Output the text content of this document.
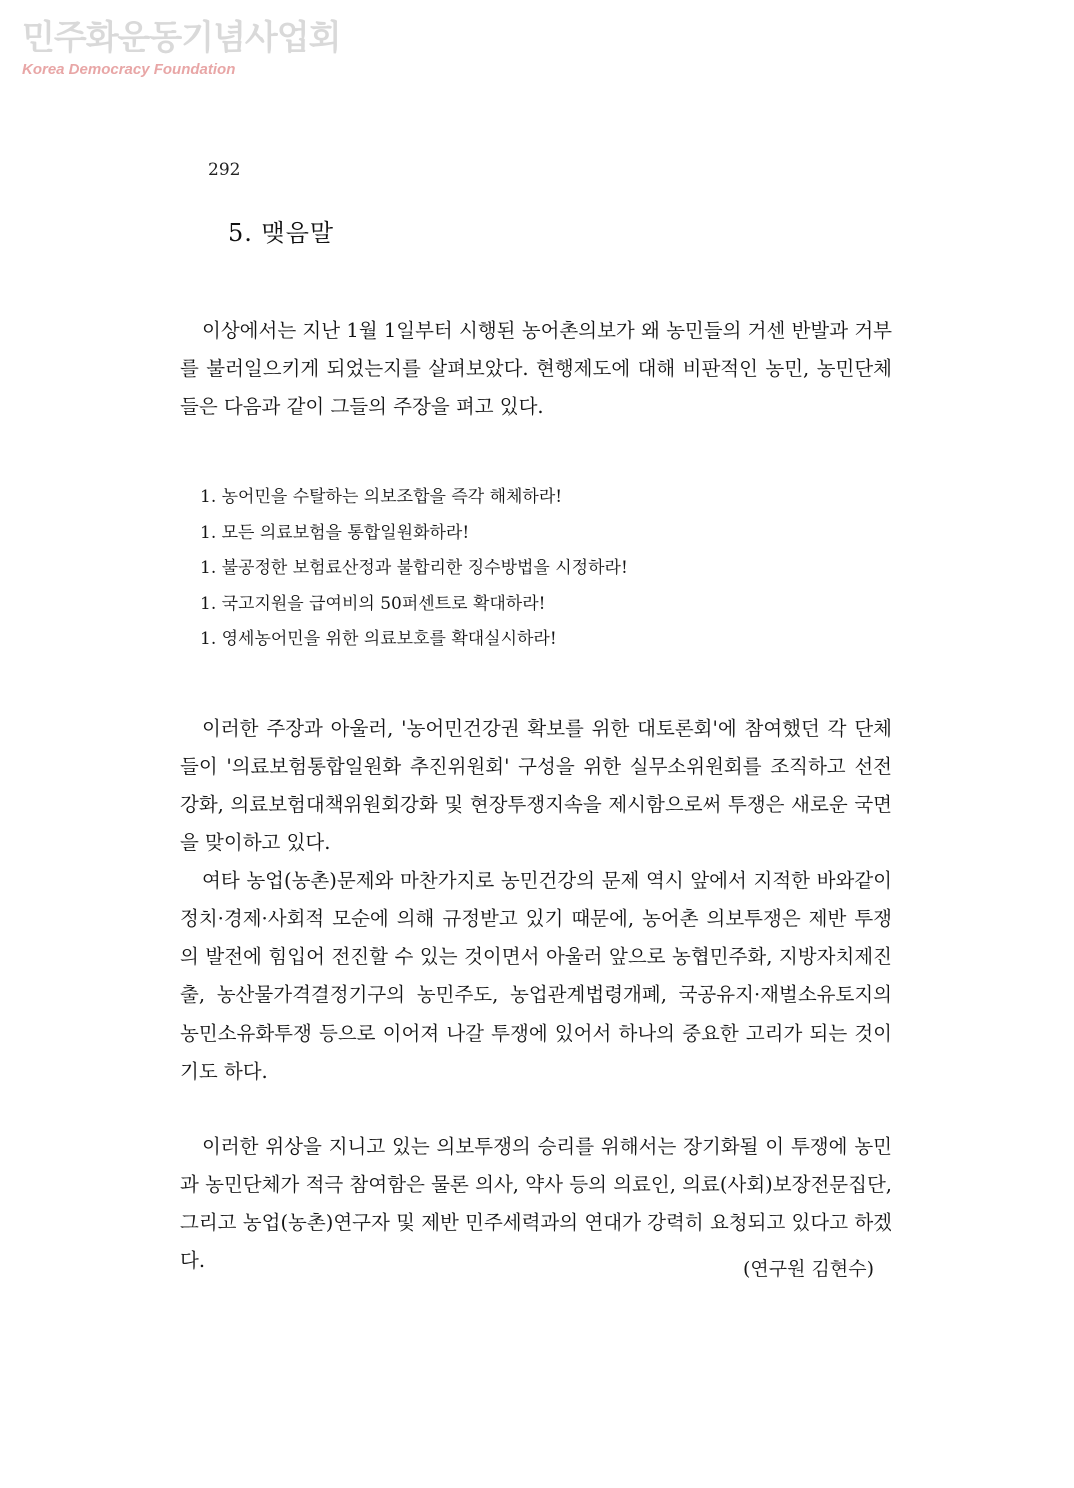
민주화운동기념사업회
Korea Democracy Foundation
292
5. 맺음말

이상에서는 지난 1월 1일부터 시행된 농어촌의보가 왜 농민들의 거센 반발과 거부를 불러일으키게 되었는지를 살펴보았다. 현행제도에 대해 비판적인 농민, 농민단체들은 다음과 같이 그들의 주장을 펴고 있다.

1. 농어민을 수탈하는 의보조합을 즉각 해체하라!
1. 모든 의료보험을 통합일원화하라!
1. 불공정한 보험료산정과 불합리한 징수방법을 시정하라!
1. 국고지원을 급여비의 50퍼센트로 확대하라!
1. 영세농어민을 위한 의료보호를 확대실시하라!

이러한 주장과 아울러, '농어민건강권 확보를 위한 대토론회'에 참여했던 각 단체들이 '의료보험통합일원화 추진위원회' 구성을 위한 실무소위원회를 조직하고 선전강화, 의료보험대책위원회강화 및 현장투쟁지속을 제시함으로써 투쟁은 새로운 국면을 맞이하고 있다.

여타 농업(농촌)문제와 마찬가지로 농민건강의 문제 역시 앞에서 지적한 바와같이 정치·경제·사회적 모순에 의해 규정받고 있기 때문에, 농어촌 의보투쟁은 제반 투쟁의 발전에 힘입어 전진할 수 있는 것이면서 아울러 앞으로 농협민주화, 지방자치제진출, 농산물가격결정기구의 농민주도, 농업관계법령개폐, 국공유지·재벌소유토지의 농민소유화투쟁 등으로 이어져 나갈 투쟁에 있어서 하나의 중요한 고리가 되는 것이기도 하다.

이러한 위상을 지니고 있는 의보투쟁의 승리를 위해서는 장기화될 이 투쟁에 농민과 농민단체가 적극 참여함은 물론 의사, 약사 등의 의료인, 의료(사회)보장전문집단, 그리고 농업(농촌)연구자 및 제반 민주세력과의 연대가 강력히 요청되고 있다고 하겠다.	(연구원 김현수)
